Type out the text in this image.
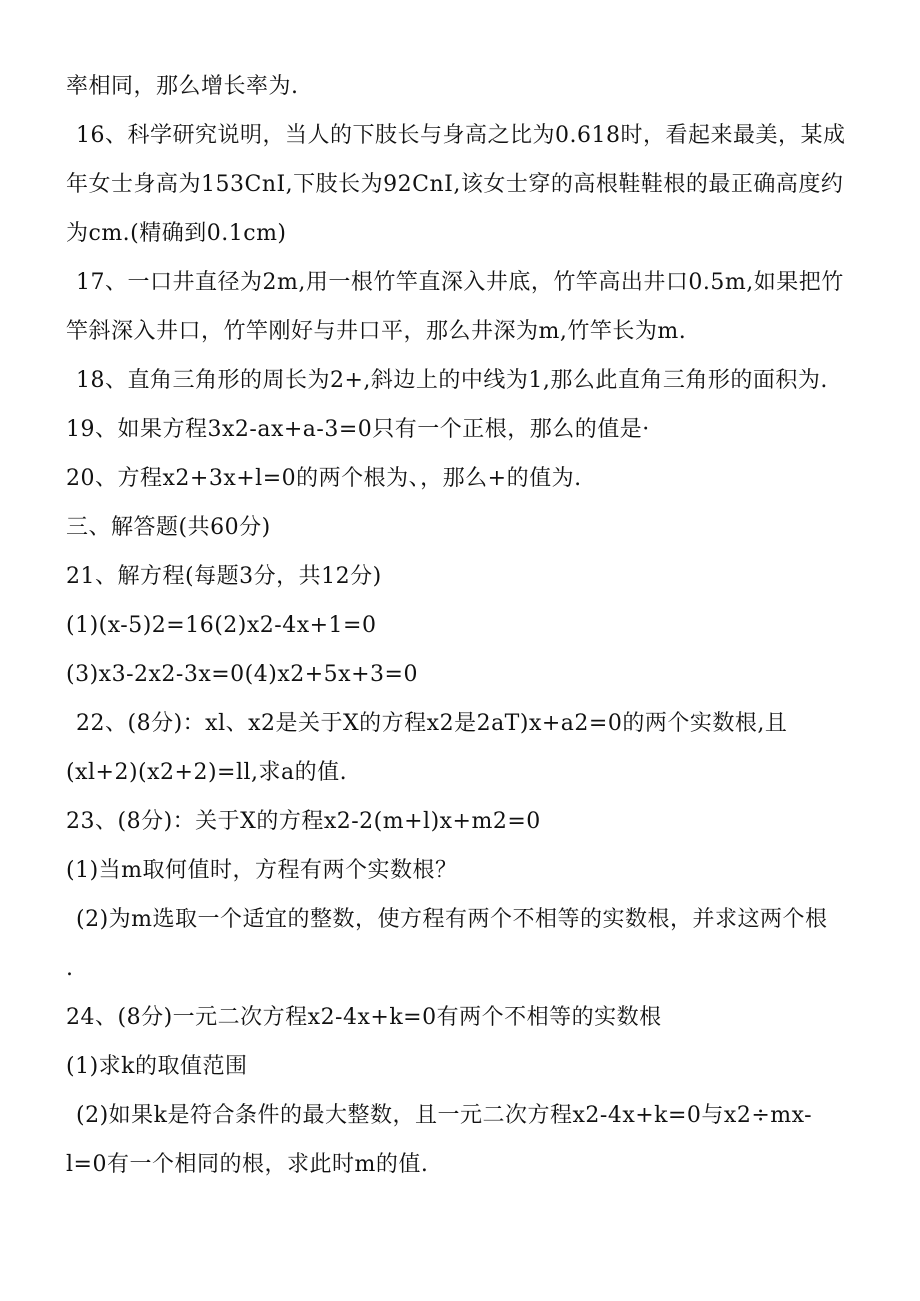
率相同，那么增长率为.
16、科学研究说明，当人的下肢长与身高之比为0.618时，看起来最美，某成
年女士身高为153CnI,下肢长为92CnI,该女士穿的高根鞋鞋根的最正确高度约
为cm.(精确到0.1cm)
17、一口井直径为2m,用一根竹竿直深入井底，竹竿高出井口0.5m,如果把竹
竿斜深入井口，竹竿刚好与井口平，那么井深为m,竹竿长为m.
18、直角三角形的周长为2+,斜边上的中线为1,那么此直角三角形的面积为.
19、如果方程3x2-ax+a-3=0只有一个正根，那么的值是·
20、方程x2+3x+l=0的两个根为、，那么+的值为.
三、解答题(共60分)
21、解方程(每题3分，共12分)
(1)(x-5)2=16(2)x2-4x+1=0
(3)x3-2x2-3x=0(4)x2+5x+3=0
22、(8分)：xl、x2是关于X的方程x2是2aT)x+a2=0的两个实数根,且
(xl+2)(x2+2)=ll,求a的值.
23、(8分)：关于X的方程x2-2(m+l)x+m2=0
(1)当m取何值时，方程有两个实数根？
(2)为m选取一个适宜的整数，使方程有两个不相等的实数根，并求这两个根
.
24、(8分)一元二次方程x2-4x+k=0有两个不相等的实数根
(1)求k的取值范围
(2)如果k是符合条件的最大整数，且一元二次方程x2-4x+k=0与x2÷mx-
l=0有一个相同的根，求此时m的值.
